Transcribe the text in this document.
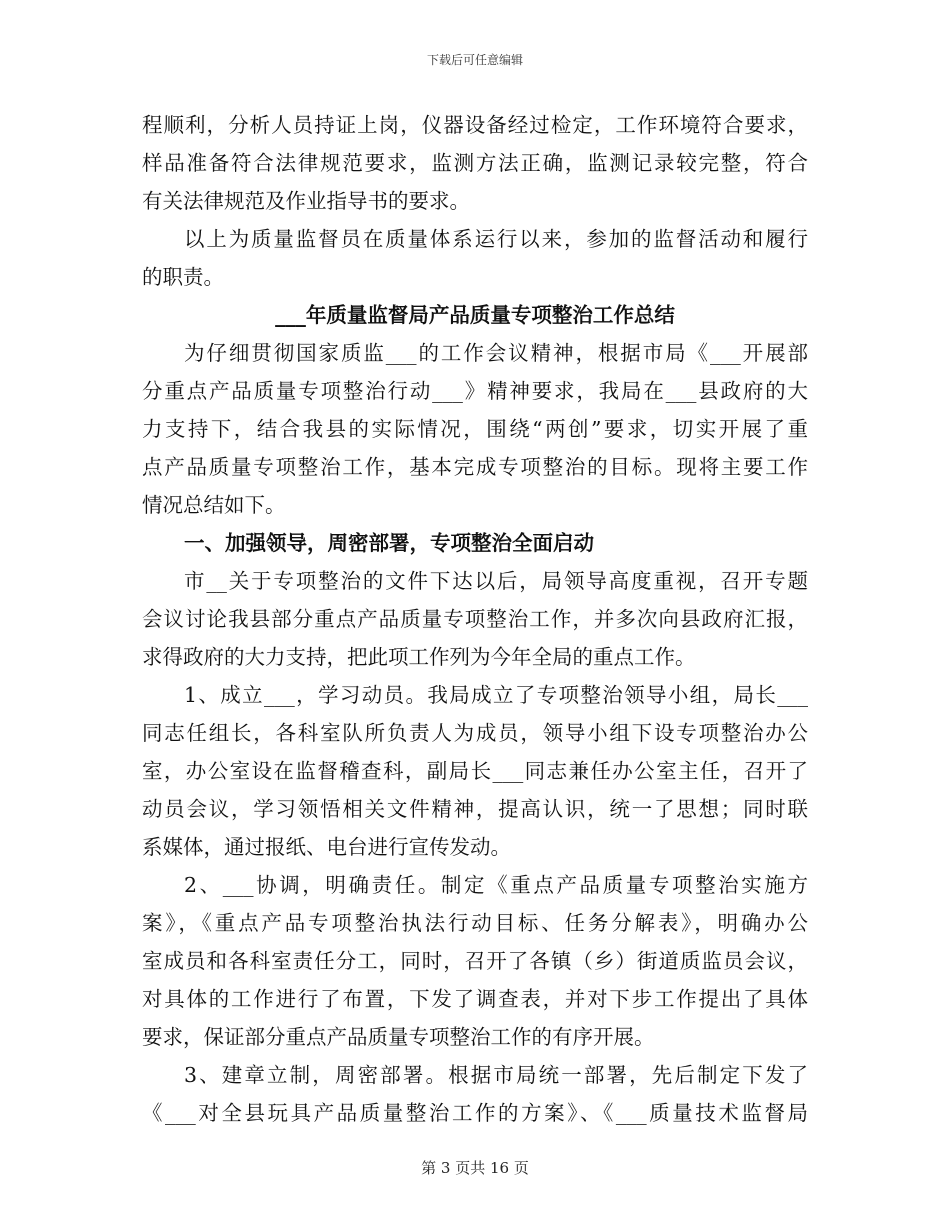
下载后可任意编辑
程顺利，分析人员持证上岗，仪器设备经过检定，工作环境符合要求，
样品准备符合法律规范要求，监测方法正确，监测记录较完整，符合
有关法律规范及作业指导书的要求。
以上为质量监督员在质量体系运行以来，参加的监督活动和履行
的职责。
___年质量监督局产品质量专项整治工作总结
为仔细贯彻国家质监___的工作会议精神，根据市局《___开展部
分重点产品质量专项整治行动___》精神要求，我局在___县政府的大
力支持下，结合我县的实际情况，围绕“两创”要求，切实开展了重
点产品质量专项整治工作，基本完成专项整治的目标。现将主要工作
情况总结如下。
一、加强领导，周密部署，专项整治全面启动
市__关于专项整治的文件下达以后，局领导高度重视，召开专题
会议讨论我县部分重点产品质量专项整治工作，并多次向县政府汇报，
求得政府的大力支持，把此项工作列为今年全局的重点工作。
1、成立___，学习动员。我局成立了专项整治领导小组，局长___
同志任组长，各科室队所负责人为成员，领导小组下设专项整治办公
室，办公室设在监督稽查科，副局长___同志兼任办公室主任，召开了
动员会议，学习领悟相关文件精神，提高认识，统一了思想；同时联
系媒体，通过报纸、电台进行宣传发动。
2、___协调，明确责任。制定《重点产品质量专项整治实施方
案》，《重点产品专项整治执法行动目标、任务分解表》，明确办公
室成员和各科室责任分工，同时，召开了各镇（乡）街道质监员会议，
对具体的工作进行了布置，下发了调查表，并对下步工作提出了具体
要求，保证部分重点产品质量专项整治工作的有序开展。
3、建章立制，周密部署。根据市局统一部署，先后制定下发了
《___对全县玩具产品质量整治工作的方案》、《___质量技术监督局
第 3 页共 16 页
